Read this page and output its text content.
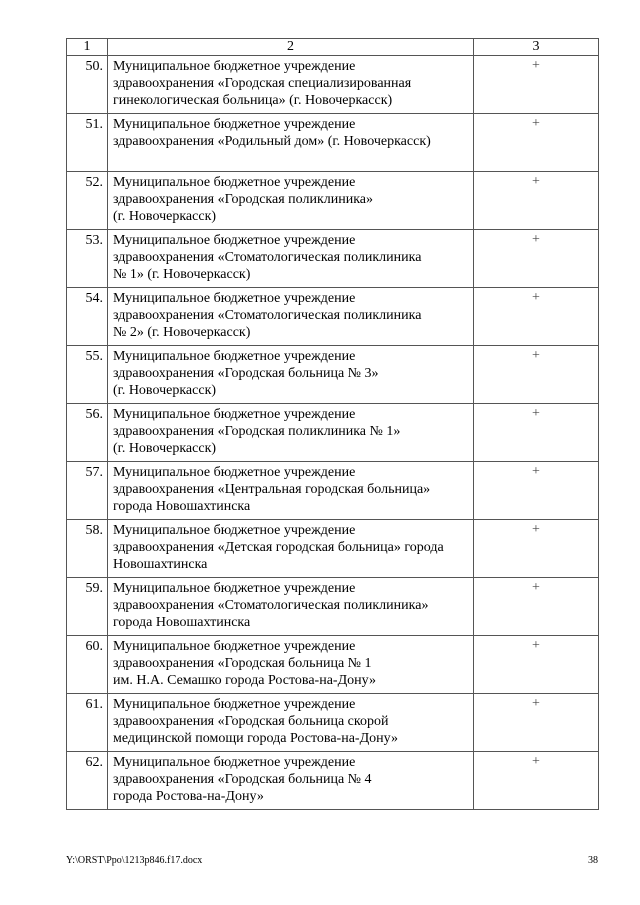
1	2	3
50.	Муниципальное бюджетное учреждение
здравоохранения «Городская специализированная
гинекологическая больница» (г. Новочеркасск)	+
51.	Муниципальное бюджетное учреждение
здравоохранения «Родильный дом» (г. Новочеркасск)	+
52.	Муниципальное бюджетное учреждение
здравоохранения «Городская поликлиника»
(г. Новочеркасск)	+
53.	Муниципальное бюджетное учреждение
здравоохранения «Стоматологическая поликлиника
№ 1» (г. Новочеркасск)	+
54.	Муниципальное бюджетное учреждение
здравоохранения «Стоматологическая поликлиника
№ 2» (г. Новочеркасск)	+
55.	Муниципальное бюджетное учреждение
здравоохранения «Городская больница № 3»
(г. Новочеркасск)	+
56.	Муниципальное бюджетное учреждение
здравоохранения «Городская поликлиника № 1»
(г. Новочеркасск)	+
57.	Муниципальное бюджетное учреждение
здравоохранения «Центральная городская больница»
города Новошахтинска	+
58.	Муниципальное бюджетное учреждение
здравоохранения «Детская городская больница» города
Новошахтинска	+
59.	Муниципальное бюджетное учреждение
здравоохранения «Стоматологическая поликлиника»
города Новошахтинска	+
60.	Муниципальное бюджетное учреждение
здравоохранения «Городская больница № 1
им. Н.А. Семашко города Ростова-на-Дону»	+
61.	Муниципальное бюджетное учреждение
здравоохранения «Городская больница скорой
медицинской помощи города Ростова-на-Дону»	+
62.	Муниципальное бюджетное учреждение
здравоохранения «Городская больница № 4
города Ростова-на-Дону»	+
Y:\ORST\Ppo\1213p846.f17.docx	38
